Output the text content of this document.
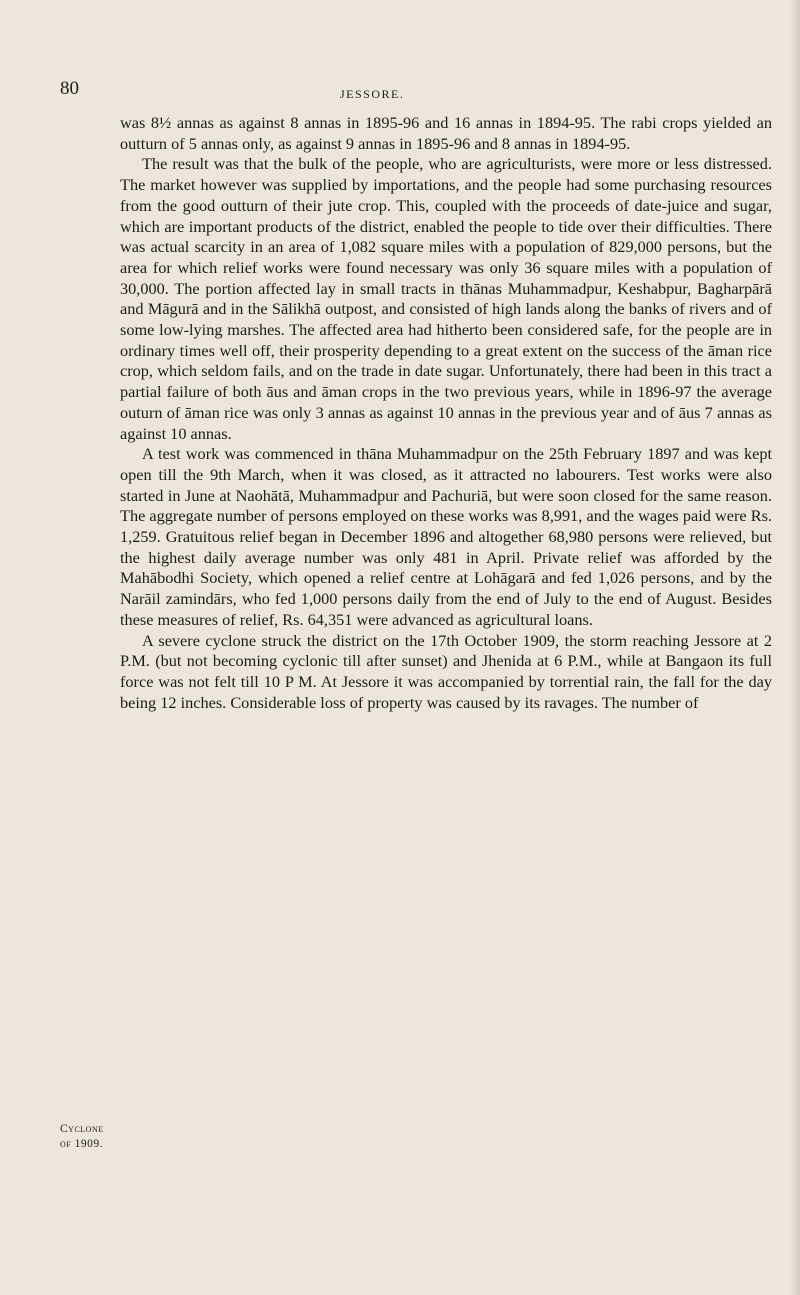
80	JESSORE.

was 8½ annas as against 8 annas in 1895-96 and 16 annas in 1894-95. The rabi crops yielded an outturn of 5 annas only, as against 9 annas in 1895-96 and 8 annas in 1894-95.

The result was that the bulk of the people, who are agriculturists, were more or less distressed. The market however was supplied by importations, and the people had some purchasing resources from the good outturn of their jute crop. This, coupled with the proceeds of date-juice and sugar, which are important products of the district, enabled the people to tide over their difficulties. There was actual scarcity in an area of 1,082 square miles with a population of 829,000 persons, but the area for which relief works were found necessary was only 36 square miles with a population of 30,000. The portion affected lay in small tracts in thānas Muhammadpur, Keshabpur, Bagharpārā and Māgurā and in the Sālikhā outpost, and consisted of high lands along the banks of rivers and of some low-lying marshes. The affected area had hitherto been considered safe, for the people are in ordinary times well off, their prosperity depending to a great extent on the success of the āman rice crop, which seldom fails, and on the trade in date sugar. Unfortunately, there had been in this tract a partial failure of both āus and āman crops in the two previous years, while in 1896-97 the average outurn of āman rice was only 3 annas as against 10 annas in the previous year and of āus 7 annas as against 10 annas.

A test work was commenced in thāna Muhammadpur on the 25th February 1897 and was kept open till the 9th March, when it was closed, as it attracted no labourers. Test works were also started in June at Naohātā, Muhammadpur and Pachuriā, but were soon closed for the same reason. The aggregate number of persons employed on these works was 8,991, and the wages paid were Rs. 1,259. Gratuitous relief began in December 1896 and altogether 68,980 persons were relieved, but the highest daily average number was only 481 in April. Private relief was afforded by the Mahābodhi Society, which opened a relief centre at Lohāgarā and fed 1,026 persons, and by the Narāil zamindārs, who fed 1,000 persons daily from the end of July to the end of August. Besides these measures of relief, Rs. 64,351 were advanced as agricultural loans.

A severe cyclone struck the district on the 17th October 1909, the storm reaching Jessore at 2 P.M. (but not becoming cyclonic till after sunset) and Jhenida at 6 P.M., while at Bangaon its full force was not felt till 10 P M. At Jessore it was accompanied by torrential rain, the fall for the day being 12 inches. Considerable loss of property was caused by its ravages. The number of

Cyclone
of 1909.
